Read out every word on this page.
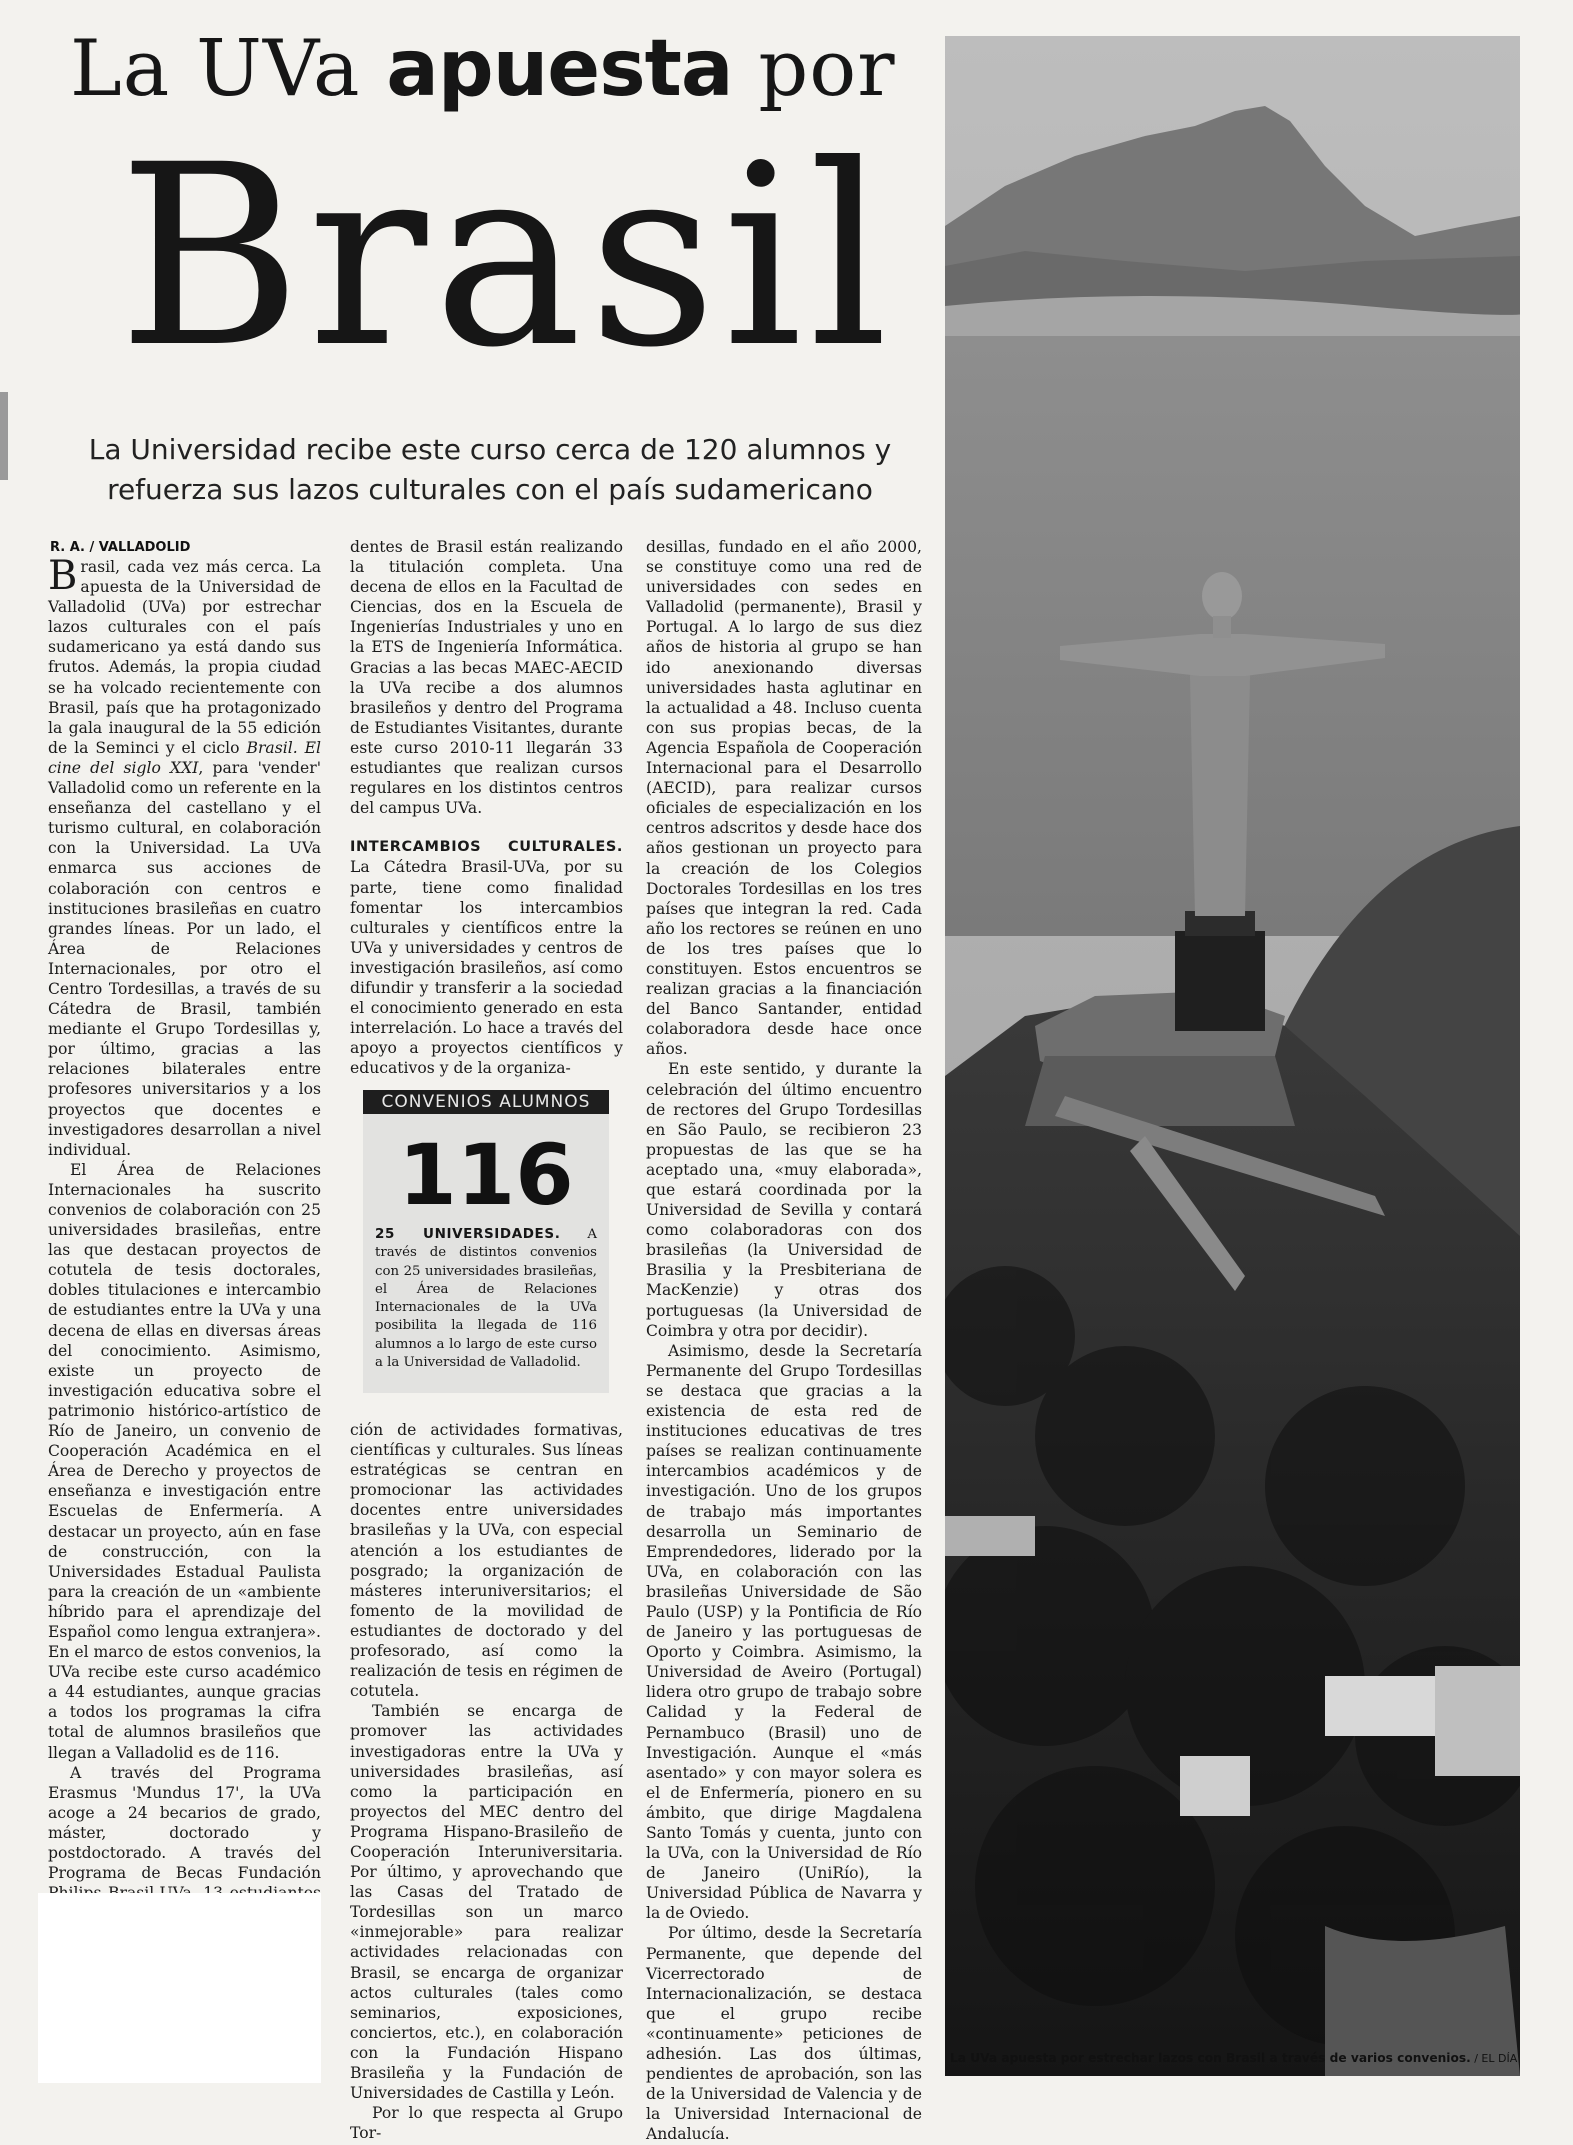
La UVa apuesta por
Brasil
La Universidad recibe este curso cerca de 120 alumnos y refuerza sus lazos culturales con el país sudamericano
R. A. / VALLADOLID

Brasil, cada vez más cerca. La apuesta de la Universidad de Valladolid (UVa) por estrechar lazos culturales con el país sudamericano ya está dando sus frutos. Además, la propia ciudad se ha volcado recientemente con Brasil, país que ha protagonizado la gala inaugural de la 55 edición de la Seminci y el ciclo Brasil. El cine del siglo XXI, para 'vender' Valladolid como un referente en la enseñanza del castellano y el turismo cultural, en colaboración con la Universidad. La UVa enmarca sus acciones de colaboración con centros e instituciones brasileñas en cuatro grandes líneas. Por un lado, el Área de Relaciones Internacionales, por otro el Centro Tordesillas, a través de su Cátedra de Brasil, también mediante el Grupo Tordesillas y, por último, gracias a las relaciones bilaterales entre profesores universitarios y a los proyectos que docentes e investigadores desarrollan a nivel individual.

El Área de Relaciones Internacionales ha suscrito convenios de colaboración con 25 universidades brasileñas, entre las que destacan proyectos de cotutela de tesis doctorales, dobles titulaciones e intercambio de estudiantes entre la UVa y una decena de ellas en diversas áreas del conocimiento. Asimismo, existe un proyecto de investigación educativa sobre el patrimonio histórico-artístico de Río de Janeiro, un convenio de Cooperación Académica en el Área de Derecho y proyectos de enseñanza e investigación entre Escuelas de Enfermería. A destacar un proyecto, aún en fase de construcción, con la Universidades Estadual Paulista para la creación de un «ambiente híbrido para el aprendizaje del Español como lengua extranjera». En el marco de estos convenios, la UVa recibe este curso académico a 44 estudiantes, aunque gracias a todos los programas la cifra total de alumnos brasileños que llegan a Valladolid es de 116.

A través del Programa Erasmus 'Mundus 17', la UVa acoge a 24 becarios de grado, máster, doctorado y postdoctorado. A través del Programa de Becas Fundación

dentes de Brasil están realizando la titulación completa. Una decena de ellos en la Facultad de Ciencias, dos en la Escuela de Ingenierías Industriales y uno en la ETS de Ingeniería Informática. Gracias a las becas MAEC-AECID la UVa recibe a dos alumnos brasileños y dentro del Programa de Estudiantes Visitantes, durante este curso 2010-11 llegarán 33 estudiantes que realizan cursos regulares en los distintos centros del campus UVa.

INTERCAMBIOS CULTURALES. La Cátedra Brasil-UVa, por su parte, tiene como finalidad fomentar los intercambios culturales y científicos entre la UVa y universidades y centros de investigación brasileños, así como difundir y transferir a la sociedad el conocimiento generado en esta interrelación. Lo hace a través del apoyo a proyectos científicos y educativos y de la organiza-

CONVENIOS ALUMNOS
116
25 UNIVERSIDADES. A través de distintos convenios con 25 universidades brasileñas, el Área de Relaciones Internacionales de la UVa posibilita la llegada de 116 alumnos a lo largo de este curso a la Universidad de Valladolid.

ción de actividades formativas, científicas y culturales. Sus líneas estratégicas se centran en promocionar las actividades docentes entre universidades brasileñas y la UVa, con especial atención a los estudiantes de posgrado; la organización de másteres interuniversitarios; el fomento de la movilidad de estudiantes de doctorado y del profesorado, así como la realización de tesis en régimen de cotutela.

También se encarga de promover las actividades investigadoras entre la UVa y universidades brasileñas, así como la participación en proyectos del MEC dentro del Programa Hispano-Brasileño de Cooperación Interuniversitaria. Por último, y aprovechando que las Casas del Tratado de Tordesillas son un marco «inmejorable» para realizar actividades relacionadas con Brasil, se encarga de organizar actos culturales (tales como seminarios, exposiciones, conciertos, etc.), en colaboración con la Fundación Hispano Brasileña y la Fundación de Universidades de Castilla y León.

Por lo que respecta al Grupo Tor-

desillas, fundado en el año 2000, se constituye como una red de universidades con sedes en Valladolid (permanente), Brasil y Portugal. A lo largo de sus diez años de historia al grupo se han ido anexionando diversas universidades hasta aglutinar en la actualidad a 48. Incluso cuenta con sus propias becas, de la Agencia Española de Cooperación Internacional para el Desarrollo (AECID), para realizar cursos oficiales de especialización en los centros adscritos y desde hace dos años gestionan un proyecto para la creación de los Colegios Doctorales Tordesillas en los tres países que integran la red. Cada año los rectores se reúnen en uno de los tres países que lo constituyen. Estos encuentros se realizan gracias a la financiación del Banco Santander, entidad colaboradora desde hace once años.

En este sentido, y durante la celebración del último encuentro de rectores del Grupo Tordesillas en São Paulo, se recibieron 23 propuestas de las que se ha aceptado una, «muy elaborada», que estará coordinada por la Universidad de Sevilla y contará como colaboradoras con dos brasileñas (la Universidad de Brasilia y la Presbiteriana de MacKenzie) y otras dos portuguesas (la Universidad de Coimbra y otra por decidir).

Asimismo, desde la Secretaría Permanente del Grupo Tordesillas se destaca que gracias a la existencia de esta red de instituciones educativas de tres países se realizan continuamente intercambios académicos y de investigación. Uno de los grupos de trabajo más importantes desarrolla un Seminario de Emprendedores, liderado por la UVa, en colaboración con las brasileñas Universidade de São Paulo (USP) y la Pontificia de Río de Janeiro y las portuguesas de Oporto y Coimbra. Asimismo, la Universidad de Aveiro (Portugal) lidera otro grupo de trabajo sobre Calidad y la Federal de Pernambuco (Brasil) uno de Investigación. Aunque el «más asentado» y con mayor solera es el de Enfermería, pionero en su ámbito, que dirige Magdalena Santo Tomás y cuenta, junto con la UVa, con la Universidad de Río de Janeiro (UniRío), la Universidad Pública de Navarra y la de Oviedo.

Por último, desde la Secretaría Permanente, que depende del Vicerrectorado de Internacionalización, se destaca que el grupo recibe «continuamente» peticiones de adhesión. Las dos últimas, pendientes de aprobación, son las de la Universidad de Valencia y de la Universidad Internacional de Andalucía.

La UVa apuesta por estrechar lazos con Brasil a través de varios convenios. / EL DÍA
